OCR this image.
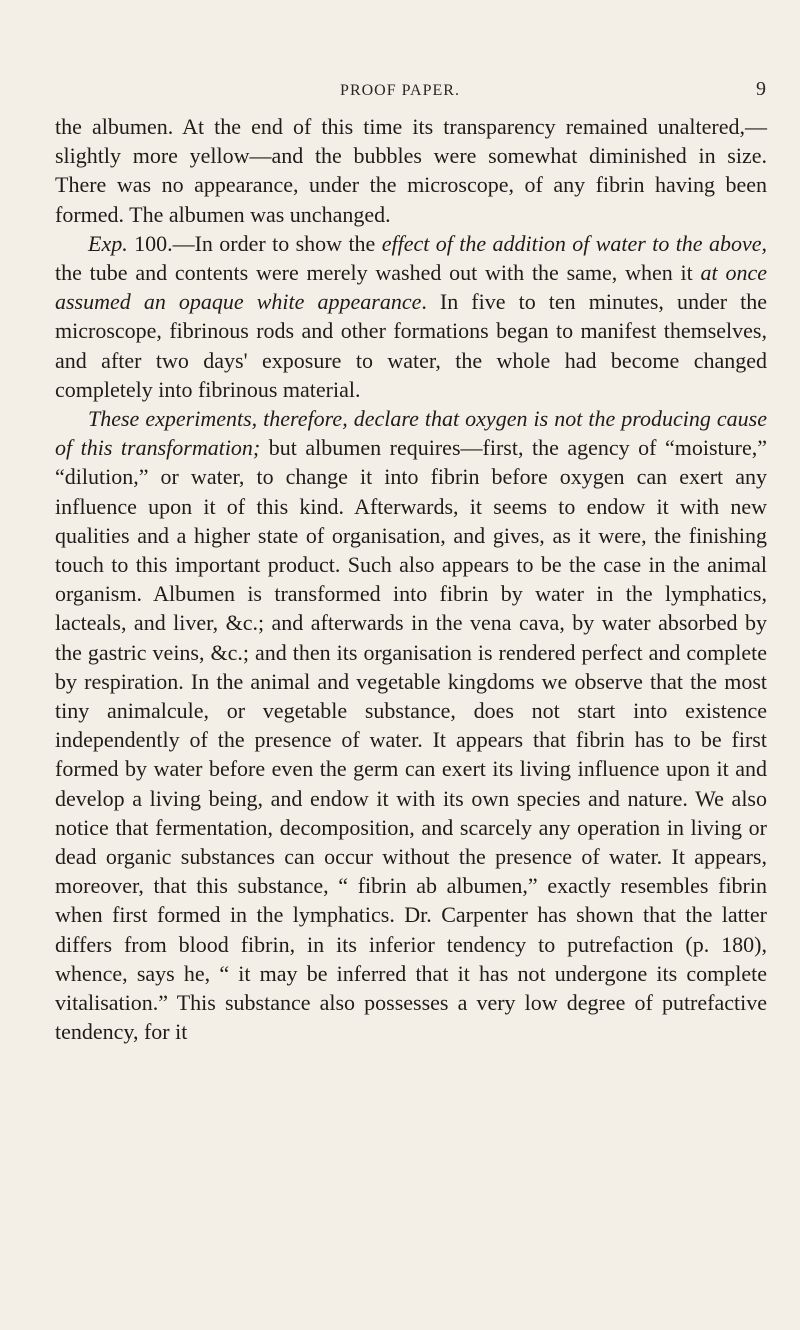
PROOF PAPER.	9

the albumen. At the end of this time its transparency remained unaltered,—slightly more yellow—and the bubbles were somewhat diminished in size. There was no appearance, under the microscope, of any fibrin having been formed. The albumen was unchanged.

Exp. 100.—In order to show the effect of the addition of water to the above, the tube and contents were merely washed out with the same, when it at once assumed an opaque white appearance. In five to ten minutes, under the microscope, fibrinous rods and other formations began to manifest themselves, and after two days' exposure to water, the whole had become changed completely into fibrinous material.

These experiments, therefore, declare that oxygen is not the producing cause of this transformation; but albumen requires—first, the agency of “moisture,” “dilution,” or water, to change it into fibrin before oxygen can exert any influence upon it of this kind. Afterwards, it seems to endow it with new qualities and a higher state of organisation, and gives, as it were, the finishing touch to this important product. Such also appears to be the case in the animal organism. Albumen is transformed into fibrin by water in the lymphatics, lacteals, and liver, &c.; and afterwards in the vena cava, by water absorbed by the gastric veins, &c.; and then its organisation is rendered perfect and complete by respiration. In the animal and vegetable kingdoms we observe that the most tiny animalcule, or vegetable substance, does not start into existence independently of the presence of water. It appears that fibrin has to be first formed by water before even the germ can exert its living influence upon it and develop a living being, and endow it with its own species and nature. We also notice that fermentation, decomposition, and scarcely any operation in living or dead organic substances can occur without the presence of water. It appears, moreover, that this substance, “ fibrin ab albumen,” exactly resembles fibrin when first formed in the lymphatics. Dr. Carpenter has shown that the latter differs from blood fibrin, in its inferior tendency to putrefaction (p. 180), whence, says he, “ it may be inferred that it has not undergone its complete vitalisation.” This substance also possesses a very low degree of putrefactive tendency, for it
